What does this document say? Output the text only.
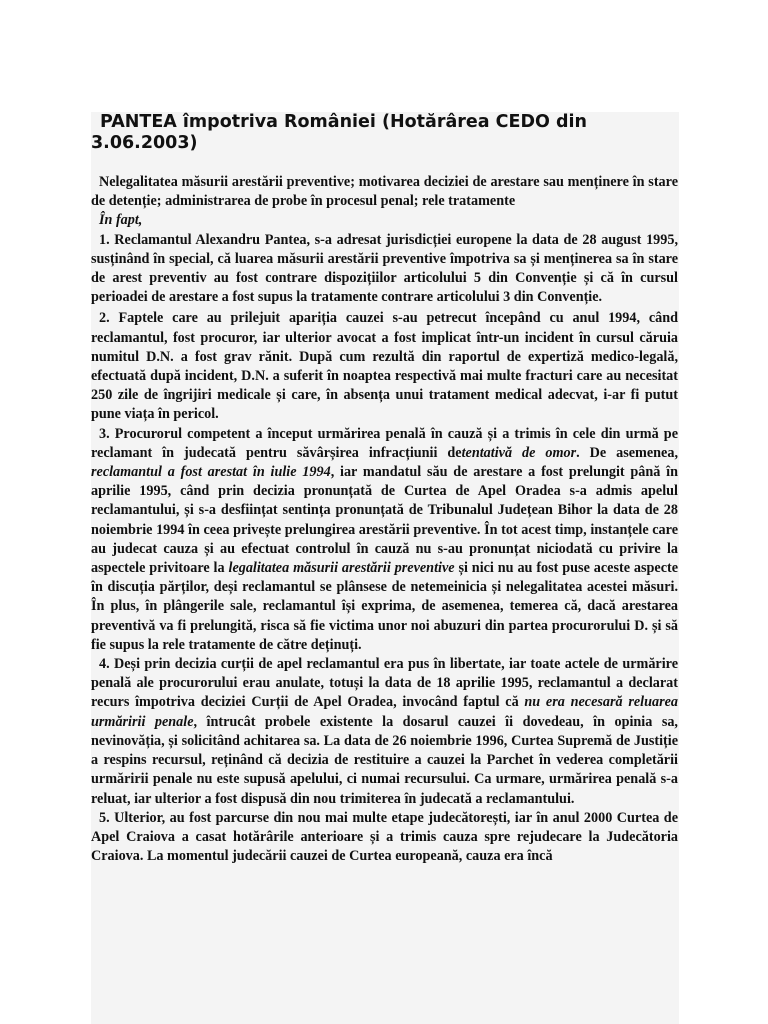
PANTEA împotriva României (Hotărârea CEDO din 3.06.2003)

Nelegalitatea măsurii arestării preventive; motivarea deciziei de arestare sau menținere în stare de detenție; administrarea de probe în procesul penal; rele tratamente

În fapt,

1. Reclamantul Alexandru Pantea, s-a adresat jurisdicției europene la data de 28 august 1995, susținând în special, că luarea măsurii arestării preventive împotriva sa și menținerea sa în stare de arest preventiv au fost contrare dispozițiilor articolului 5 din Convenție și că în cursul perioadei de arestare a fost supus la tratamente contrare articolului 3 din Convenție.

2. Faptele care au prilejuit apariția cauzei s-au petrecut începând cu anul 1994, când reclamantul, fost procuror, iar ulterior avocat a fost implicat într-un incident în cursul căruia numitul D.N. a fost grav rănit. După cum rezultă din raportul de expertiză medico-legală, efectuată după incident, D.N. a suferit în noaptea respectivă mai multe fracturi care au necesitat 250 zile de îngrijiri medicale și care, în absența unui tratament medical adecvat, i-ar fi putut pune viața în pericol.

3. Procurorul competent a început urmărirea penală în cauză și a trimis în cele din urmă pe reclamant în judecată pentru săvârșirea infracțiunii detentativă de omor. De asemenea, reclamantul a fost arestat în iulie 1994, iar mandatul său de arestare a fost prelungit până în aprilie 1995, când prin decizia pronunțată de Curtea de Apel Oradea s-a admis apelul reclamantului, și s-a desființat sentința pronunțată de Tribunalul Județean Bihor la data de 28 noiembrie 1994 în ceea privește prelungirea arestării preventive. În tot acest timp, instanțele care au judecat cauza și au efectuat controlul în cauză nu s-au pronunțat niciodată cu privire la aspectele privitoare la legalitatea măsurii arestării preventive și nici nu au fost puse aceste aspecte în discuția părților, deși reclamantul se plânsese de netemeinicia și nelegalitatea acestei măsuri. În plus, în plângerile sale, reclamantul își exprima, de asemenea, temerea că, dacă arestarea preventivă va fi prelungită, risca să fie victima unor noi abuzuri din partea procurorului D. și să fie supus la rele tratamente de către deținuți.

4. Deși prin decizia curții de apel reclamantul era pus în libertate, iar toate actele de urmărire penală ale procurorului erau anulate, totuși la data de 18 aprilie 1995, reclamantul a declarat recurs împotriva deciziei Curții de Apel Oradea, invocând faptul că nu era necesară reluarea urmăririi penale, întrucât probele existente la dosarul cauzei îi dovedeau, în opinia sa, nevinovăția, și solicitând achitarea sa. La data de 26 noiembrie 1996, Curtea Supremă de Justiție a respins recursul, reținând că decizia de restituire a cauzei la Parchet în vederea completării urmăririi penale nu este supusă apelului, ci numai recursului. Ca urmare, urmărirea penală s-a reluat, iar ulterior a fost dispusă din nou trimiterea în judecată a reclamantului.

5. Ulterior, au fost parcurse din nou mai multe etape judecătorești, iar în anul 2000 Curtea de Apel Craiova a casat hotărârile anterioare și a trimis cauza spre rejudecare la Judecătoria Craiova. La momentul judecării cauzei de Curtea europeană, cauza era încă
